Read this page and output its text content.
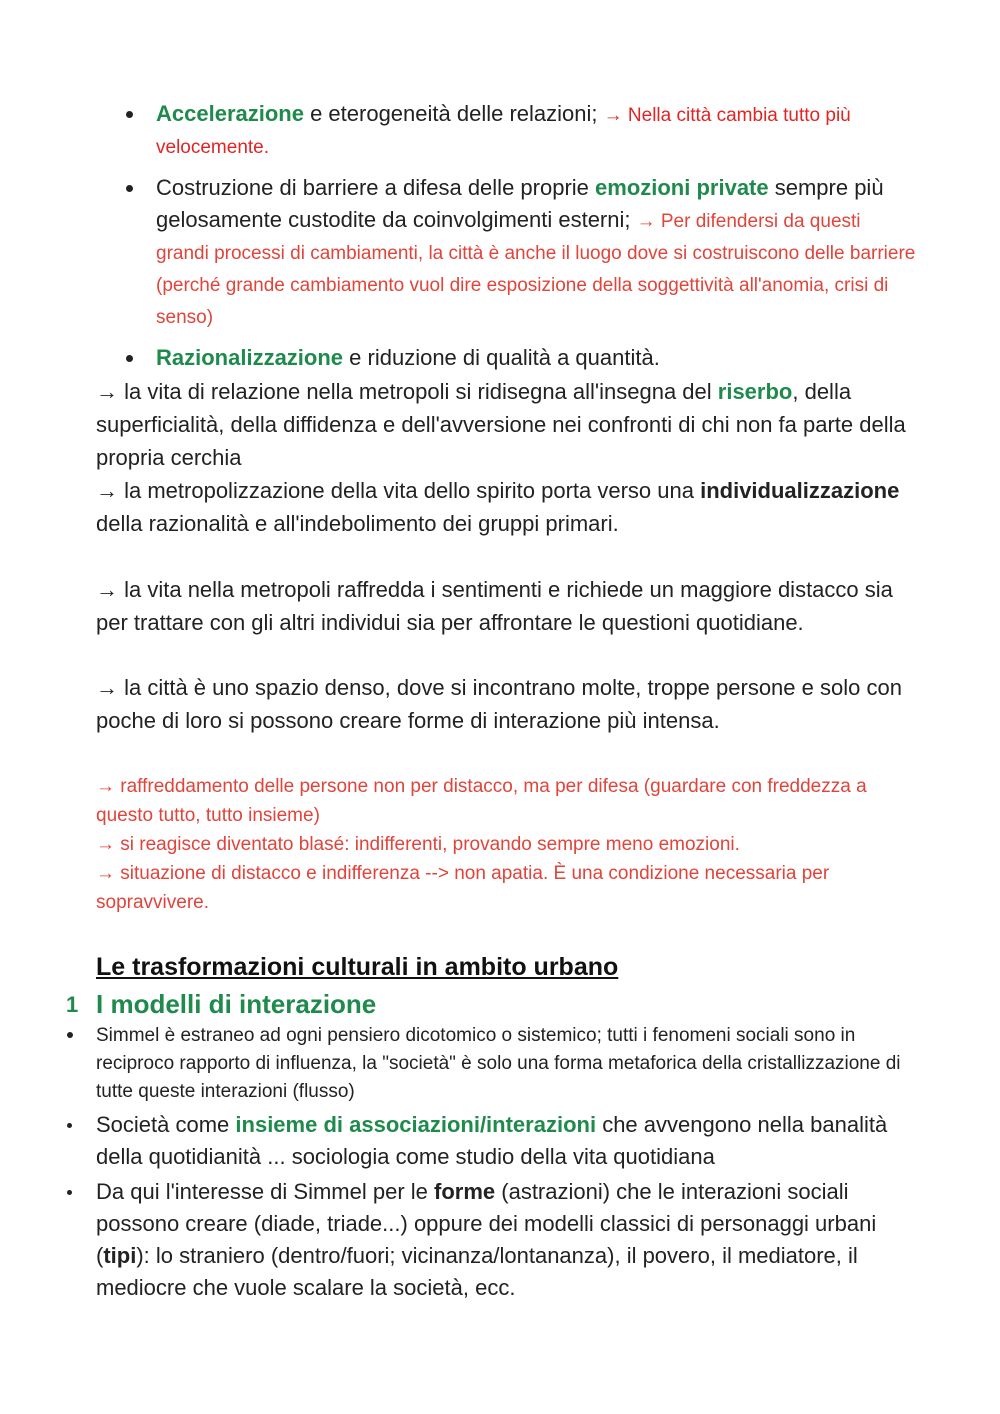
Accelerazione e eterogeneità delle relazioni; → Nella città cambia tutto più velocemente.
Costruzione di barriere a difesa delle proprie emozioni private sempre più gelosamente custodite da coinvolgimenti esterni; → Per difendersi da questi grandi processi di cambiamenti, la città è anche il luogo dove si costruiscono delle barriere (perché grande cambiamento vuol dire esposizione della soggettività all'anomia, crisi di senso)
Razionalizzazione e riduzione di qualità a quantità.

→ la vita di relazione nella metropoli si ridisegna all'insegna del riserbo, della superficialità, della diffidenza e dell'avversione nei confronti di chi non fa parte della propria cerchia

→ la metropolizzazione della vita dello spirito porta verso una individualizzazione della razionalità e all'indebolimento dei gruppi primari.

→ la vita nella metropoli raffredda i sentimenti e richiede un maggiore distacco sia per trattare con gli altri individui sia per affrontare le questioni quotidiane.

→ la città è uno spazio denso, dove si incontrano molte, troppe persone e solo con poche di loro si possono creare forme di interazione più intensa.

→ raffreddamento delle persone non per distacco, ma per difesa (guardare con freddezza a questo tutto, tutto insieme)
→ si reagisce diventato blasé: indifferenti, provando sempre meno emozioni.
→ situazione di distacco e indifferenza --> non apatia. È una condizione necessaria per sopravvivere.
Le trasformazioni culturali in ambito urbano
1 I modelli di interazione
Simmel è estraneo ad ogni pensiero dicotomico o sistemico; tutti i fenomeni sociali sono in reciproco rapporto di influenza, la "società" è solo una forma metaforica della cristallizzazione di tutte queste interazioni (flusso)
Società come insieme di associazioni/interazioni che avvengono nella banalità della quotidianità ... sociologia come studio della vita quotidiana
Da qui l'interesse di Simmel per le forme (astrazioni) che le interazioni sociali possono creare (diade, triade...) oppure dei modelli classici di personaggi urbani (tipi): lo straniero (dentro/fuori; vicinanza/lontananza), il povero, il mediatore, il mediocre che vuole scalare la società, ecc.
